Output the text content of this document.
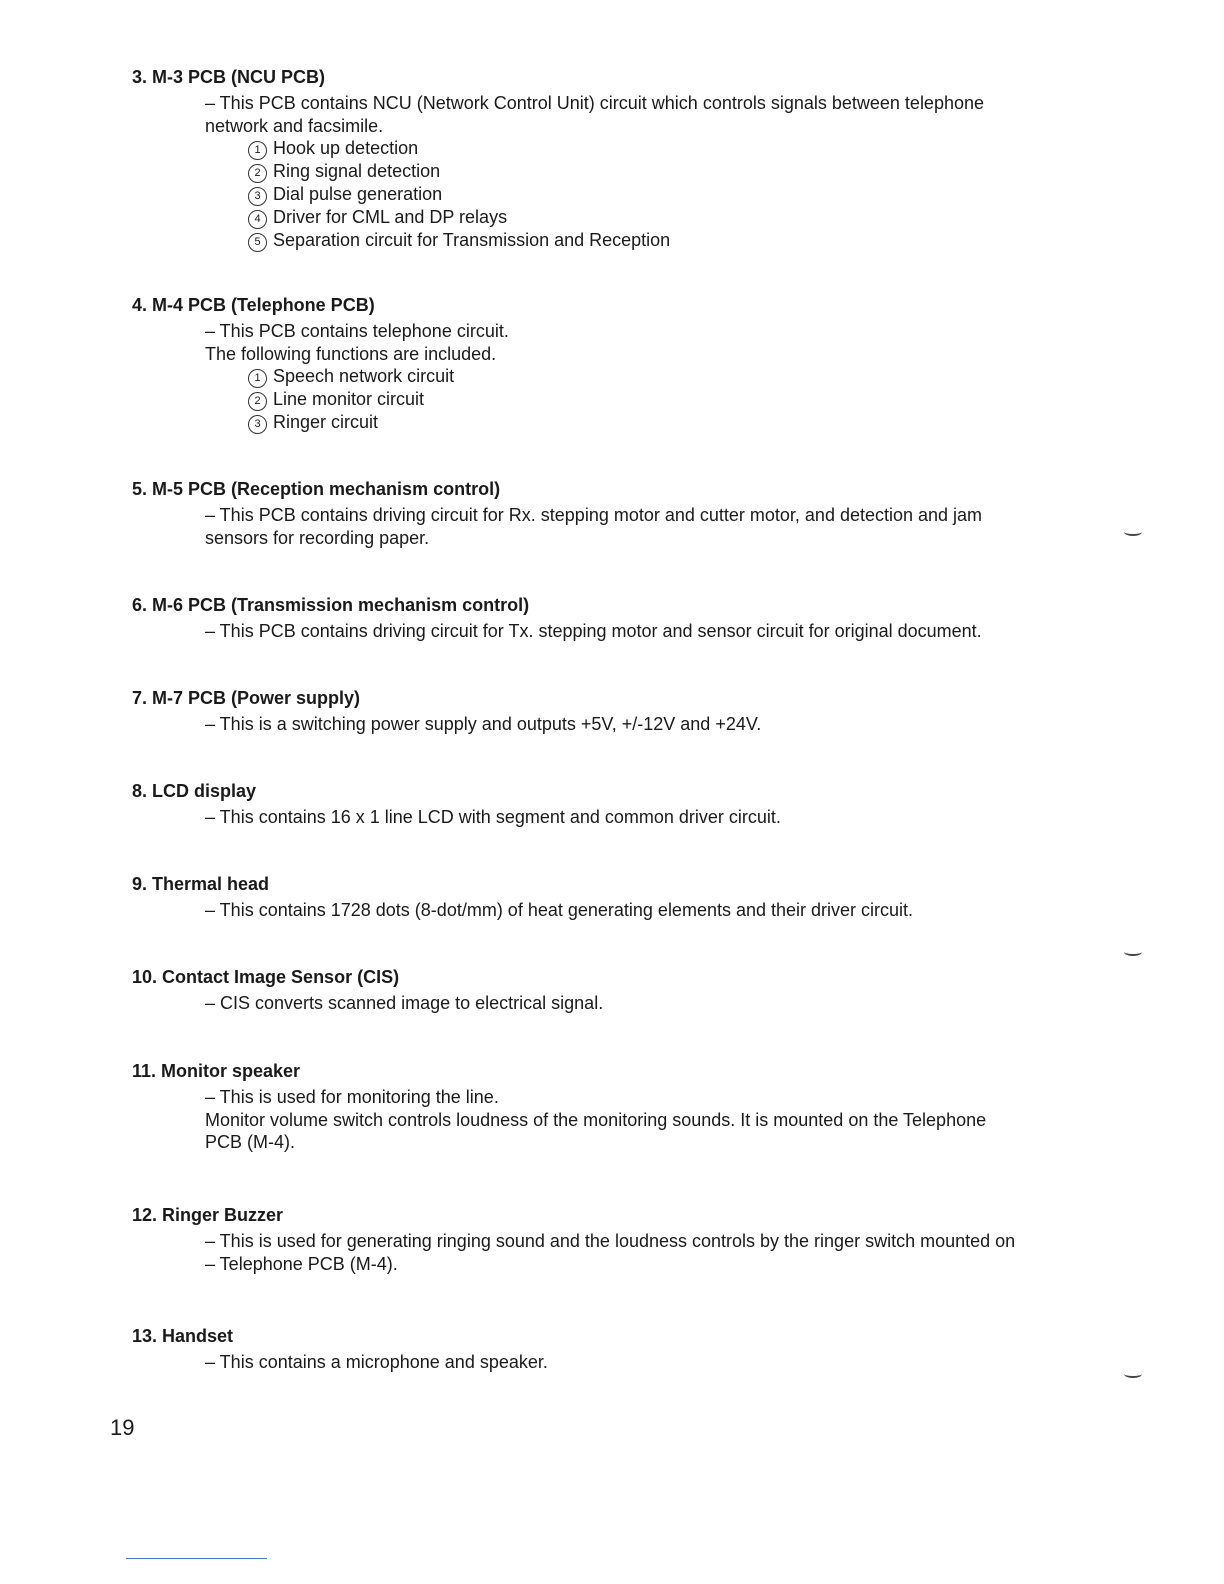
3. M-3 PCB (NCU PCB)
– This PCB contains NCU (Network Control Unit) circuit which controls signals between telephone
network and facsimile.
1 Hook up detection
2 Ring signal detection
3 Dial pulse generation
4 Driver for CML and DP relays
5 Separation circuit for Transmission and Reception
4. M-4 PCB (Telephone PCB)
– This PCB contains telephone circuit.
The following functions are included.
1 Speech network circuit
2 Line monitor circuit
3 Ringer circuit
5. M-5 PCB (Reception mechanism control)
– This PCB contains driving circuit for Rx. stepping motor and cutter motor, and detection and jam
sensors for recording paper.
6. M-6 PCB (Transmission mechanism control)
– This PCB contains driving circuit for Tx. stepping motor and sensor circuit for original document.
7. M-7 PCB (Power supply)
– This is a switching power supply and outputs +5V, +/-12V and +24V.
8. LCD display
– This contains 16 x 1 line LCD with segment and common driver circuit.
9. Thermal head
– This contains 1728 dots (8-dot/mm) of heat generating elements and their driver circuit.
10. Contact Image Sensor (CIS)
– CIS converts scanned image to electrical signal.
11. Monitor speaker
– This is used for monitoring the line.
Monitor volume switch controls loudness of the monitoring sounds. It is mounted on the Telephone
PCB (M-4).
12. Ringer Buzzer
– This is used for generating ringing sound and the loudness controls by the ringer switch mounted on
– Telephone PCB (M-4).
13. Handset
– This contains a microphone and speaker.
19
